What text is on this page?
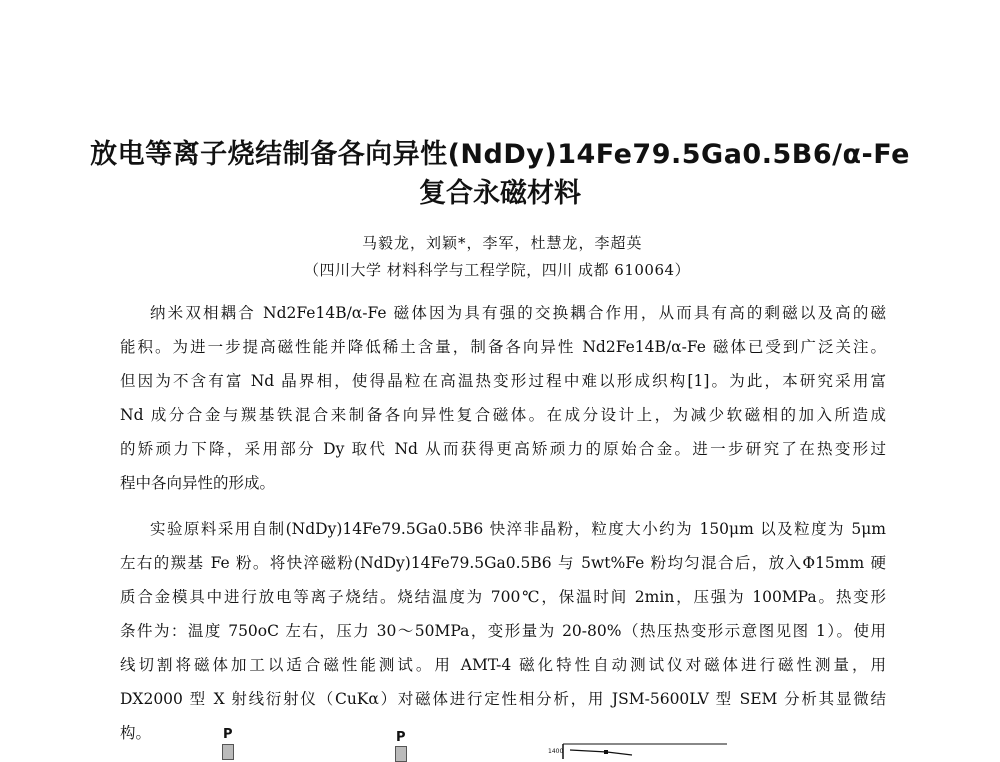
放电等离子烧结制备各向异性(NdDy)14Fe79.5Ga0.5B6/α-Fe
复合永磁材料
马毅龙，刘颖*，李军，杜慧龙，李超英
（四川大学 材料科学与工程学院，四川 成都 610064）
纳米双相耦合 Nd2Fe14B/α-Fe 磁体因为具有强的交换耦合作用，从而具有高的剩磁以及高的磁
能积。为进一步提高磁性能并降低稀土含量，制备各向异性 Nd2Fe14B/α-Fe 磁体已受到广泛关注。
但因为不含有富 Nd 晶界相，使得晶粒在高温热变形过程中难以形成织构[1]。为此，本研究采用富
Nd 成分合金与羰基铁混合来制备各向异性复合磁体。在成分设计上，为减少软磁相的加入所造成
的矫顽力下降，采用部分 Dy 取代 Nd 从而获得更高矫顽力的原始合金。进一步研究了在热变形过
程中各向异性的形成。
实验原料采用自制(NdDy)14Fe79.5Ga0.5B6 快淬非晶粉，粒度大小约为 150μm 以及粒度为 5μm
左右的羰基 Fe 粉。将快淬磁粉(NdDy)14Fe79.5Ga0.5B6 与 5wt%Fe 粉均匀混合后，放入Φ15mm 硬
质合金模具中进行放电等离子烧结。烧结温度为 700℃，保温时间 2min，压强为 100MPa。热变形
条件为：温度 750oC 左右，压力 30～50MPa，变形量为 20-80%（热压热变形示意图见图 1）。使用
线切割将磁体加工以适合磁性能测试。用 AMT-4 磁化特性自动测试仪对磁体进行磁性测量，用
DX2000 型 X 射线衍射仪（CuKα）对磁体进行定性相分析，用 JSM-5600LV 型 SEM 分析其显微结
构。	P	P
1400
